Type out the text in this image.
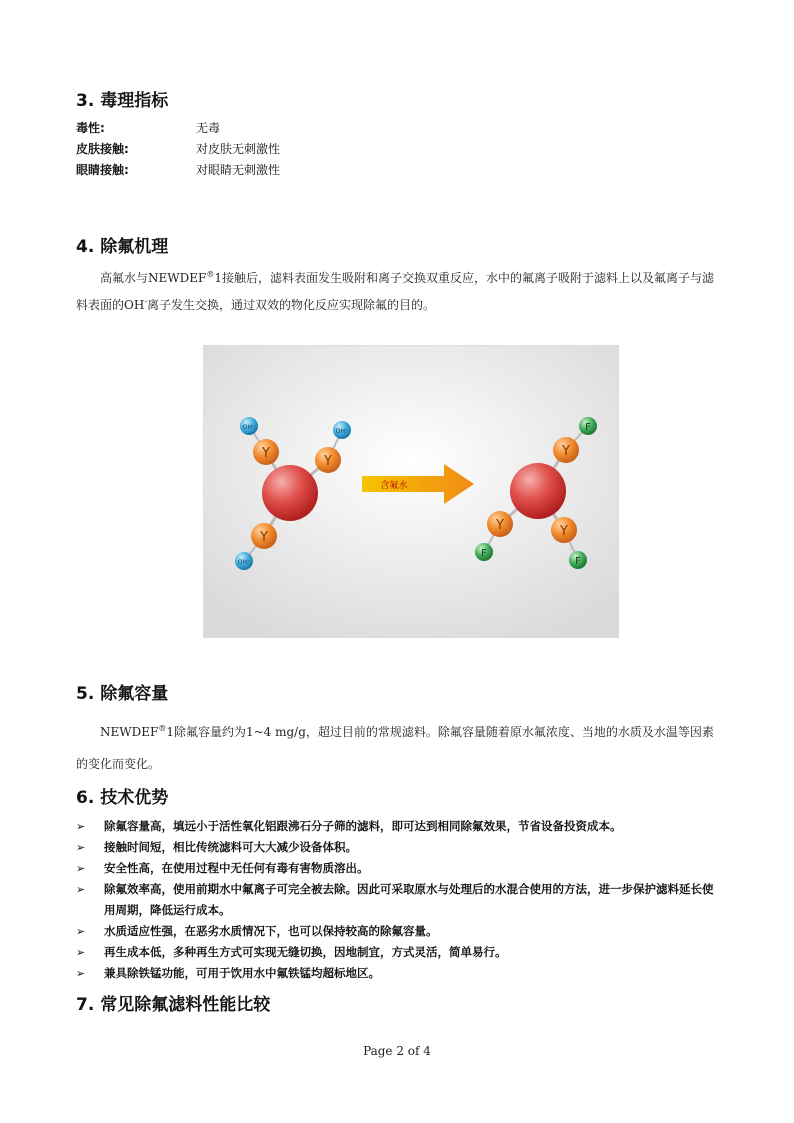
3. 毒理指标
毒性:	无毒
皮肤接触:	对皮肤无刺激性
眼睛接触:	对眼睛无刺激性
4. 除氟机理

高氟水与NEWDEF®1接触后，滤料表面发生吸附和离子交换双重反应，水中的氟离子吸附于滤料上以及氟离子与滤料表面的OH-离子发生交换，通过双效的物化反应实现除氟的目的。

Y
Y
Y
OH⁻
OH⁻
OH⁻
含氟水
Y
Y	Y
F
F
F
5. 除氟容量

NEWDEF®1除氟容量约为1~4 mg/g，超过目前的常规滤料。除氟容量随着原水氟浓度、当地的水质及水温等因素的变化而变化。

6. 技术优势
➢ 除氟容量高，填远小于活性氧化铝跟沸石分子筛的滤料，即可达到相同除氟效果，节省设备投资成本。
➢ 接触时间短，相比传统滤料可大大减少设备体积。
➢ 安全性高，在使用过程中无任何有毒有害物质溶出。
➢ 除氟效率高，使用前期水中氟离子可完全被去除。因此可采取原水与处理后的水混合使用的方法，进一步保护滤料延长使用周期，降低运行成本。
➢ 水质适应性强，在恶劣水质情况下，也可以保持较高的除氟容量。
➢ 再生成本低，多种再生方式可实现无缝切换，因地制宜，方式灵活，简单易行。
➢ 兼具除铁锰功能，可用于饮用水中氟铁锰均超标地区。
7. 常见除氟滤料性能比较
Page 2 of 4
